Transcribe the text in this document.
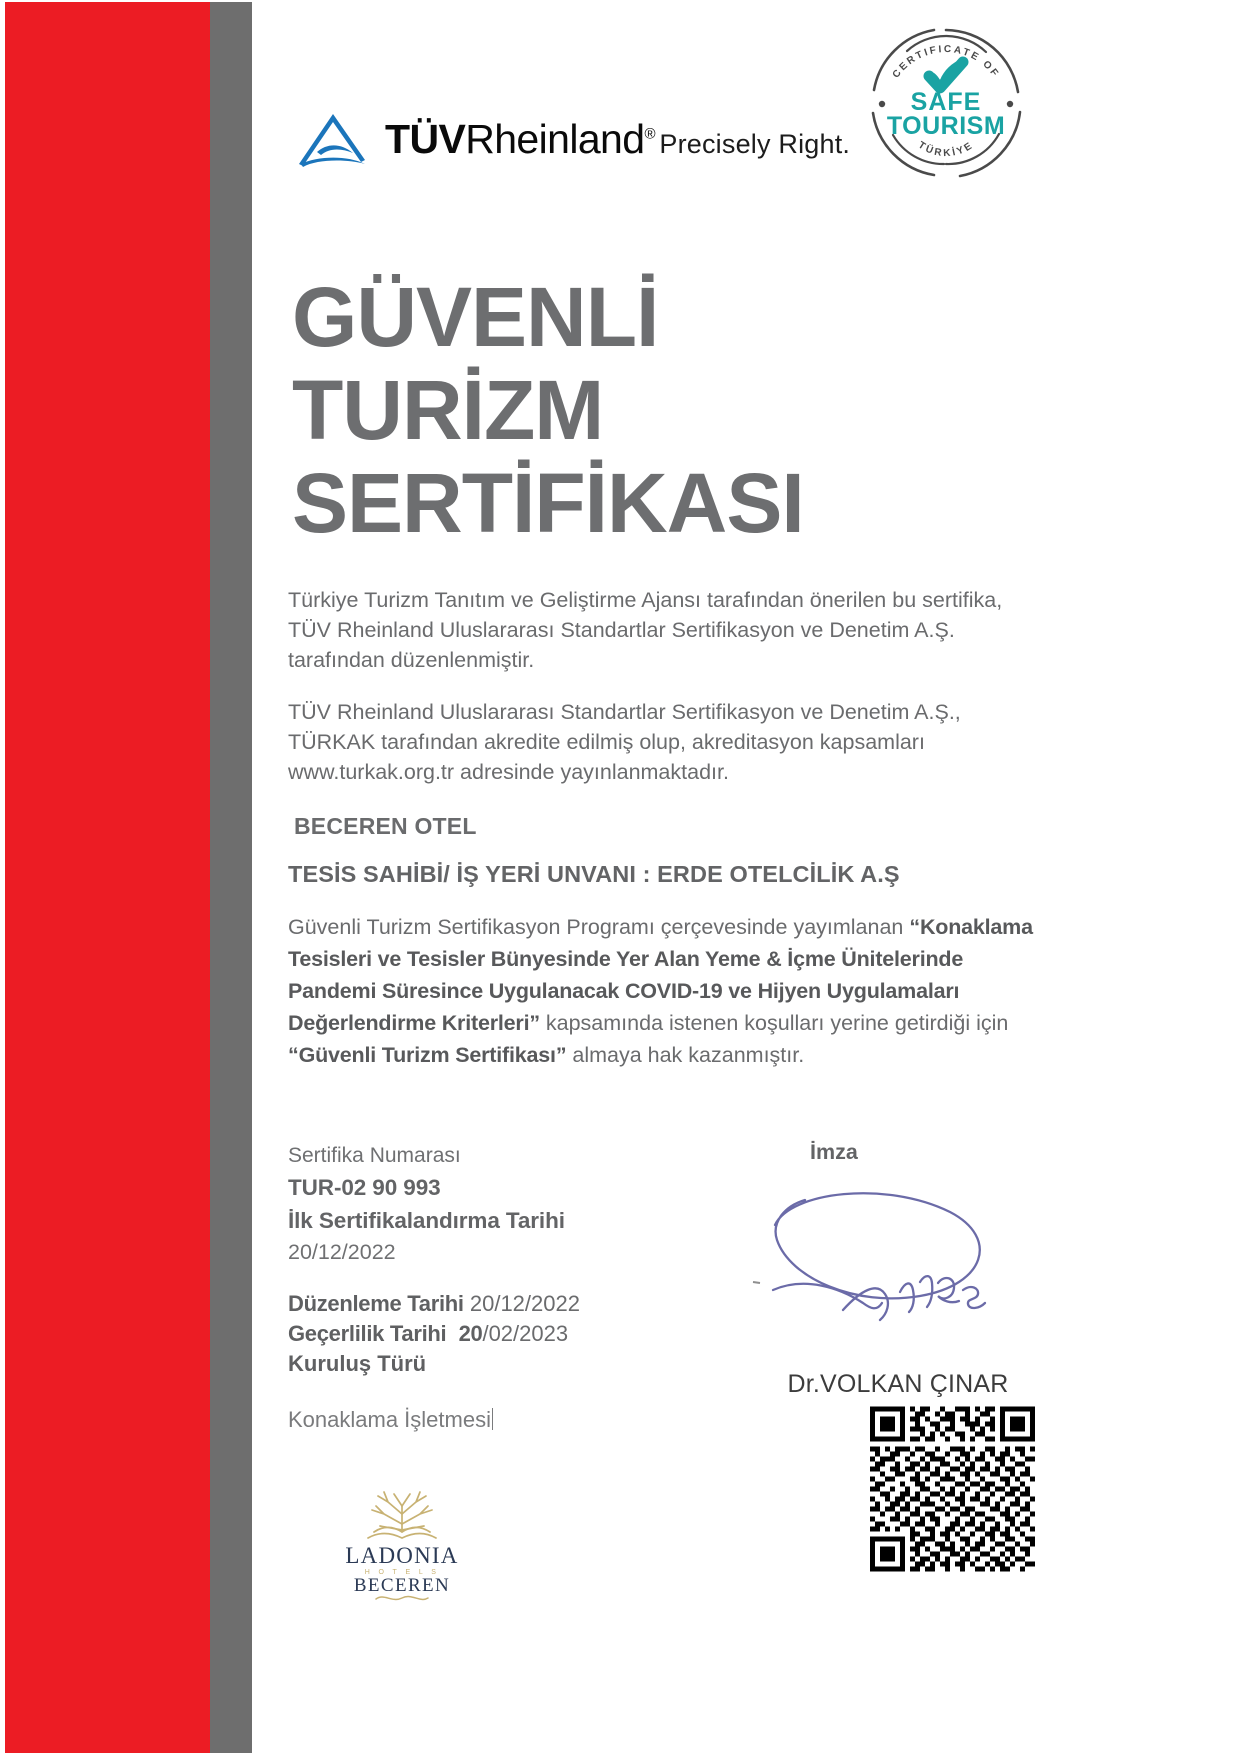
TÜVRheinland® Precisely Right.
SAFE
TOURISM
CERTIFICATE OF
TÜRKİYE
GÜVENLİ
TURİZM
SERTİFİKASI

Türkiye Turizm Tanıtım ve Geliştirme Ajansı tarafından önerilen bu sertifika, TÜV Rheinland Uluslararası Standartlar Sertifikasyon ve Denetim A.Ş. tarafından düzenlenmiştir.

TÜV Rheinland Uluslararası Standartlar Sertifikasyon ve Denetim A.Ş., TÜRKAK tarafından akredite edilmiş olup, akreditasyon kapsamları www.turkak.org.tr adresinde yayınlanmaktadır.

BECEREN OTEL
TESİS SAHİBİ/ İŞ YERİ UNVANI : ERDE OTELCİLİK A.Ş

Güvenli Turizm Sertifikasyon Programı çerçevesinde yayımlanan “Konaklama Tesisleri ve Tesisler Bünyesinde Yer Alan Yeme & İçme Ünitelerinde Pandemi Süresince Uygulanacak COVID-19 ve Hijyen Uygulamaları Değerlendirme Kriterleri” kapsamında istenen koşulları yerine getirdiği için “Güvenli Turizm Sertifikası” almaya hak kazanmıştır.

Sertifika Numarası
TUR-02 90 993
İlk Sertifikalandırma Tarihi
20/12/2022
Düzenleme Tarihi 20/12/2022
Geçerlilik Tarihi 20/02/2023
Kuruluş Türü
Konaklama İşletmesi
İmza
Dr.VOLKAN ÇINAR
LADONIA
H O T E L S
BECEREN
